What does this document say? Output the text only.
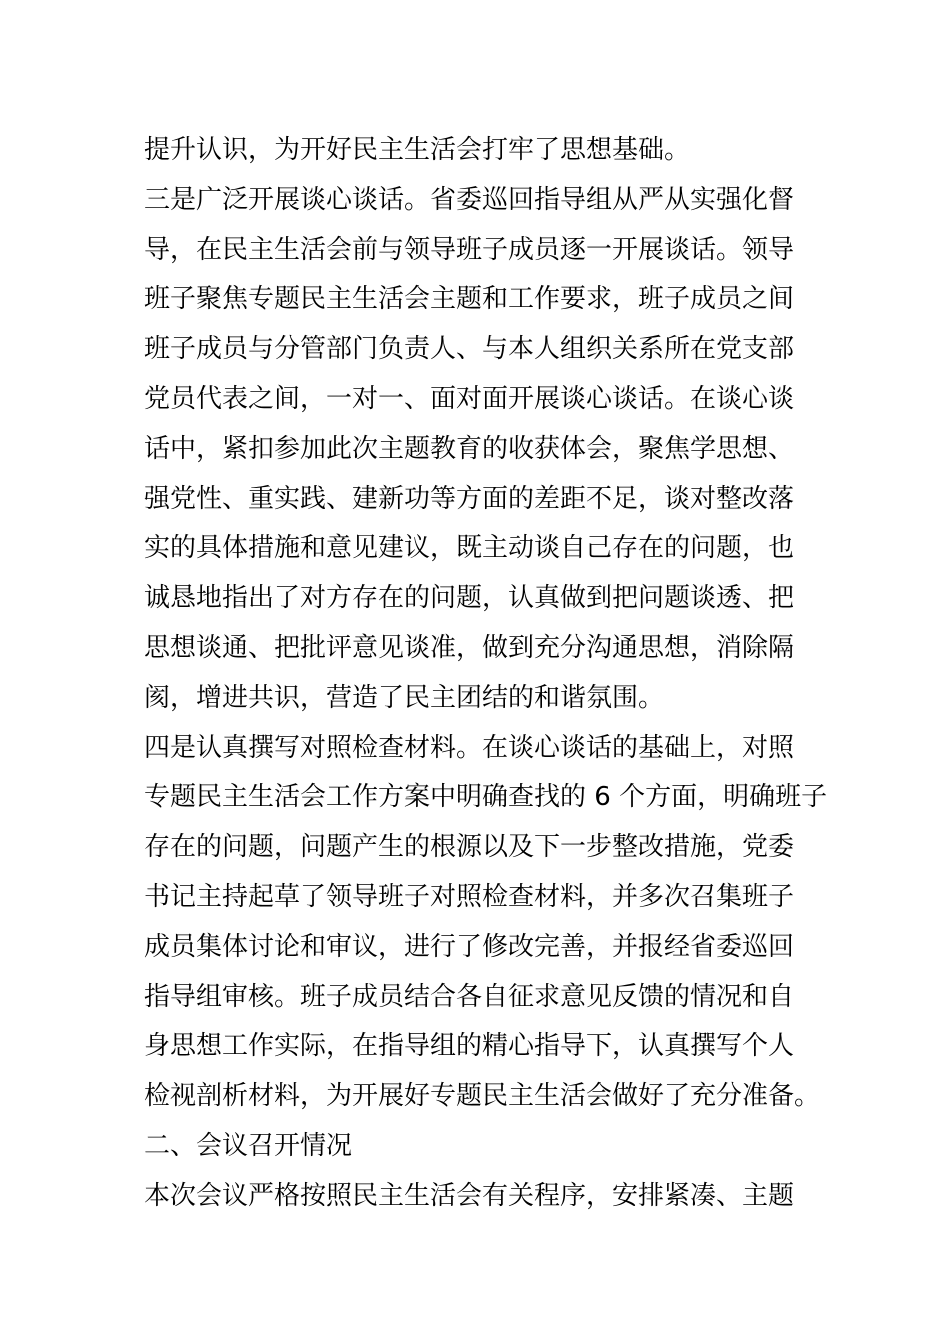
提升认识，为开好民主生活会打牢了思想基础。
三是广泛开展谈心谈话。省委巡回指导组从严从实强化督
导，在民主生活会前与领导班子成员逐一开展谈话。领导
班子聚焦专题民主生活会主题和工作要求，班子成员之间
班子成员与分管部门负责人、与本人组织关系所在党支部
党员代表之间，一对一、面对面开展谈心谈话。在谈心谈
话中，紧扣参加此次主题教育的收获体会，聚焦学思想、
强党性、重实践、建新功等方面的差距不足，谈对整改落
实的具体措施和意见建议，既主动谈自己存在的问题，也
诚恳地指出了对方存在的问题，认真做到把问题谈透、把
思想谈通、把批评意见谈准，做到充分沟通思想，消除隔
阂，增进共识，营造了民主团结的和谐氛围。
四是认真撰写对照检查材料。在谈心谈话的基础上，对照
专题民主生活会工作方案中明确查找的 6 个方面，明确班子
存在的问题，问题产生的根源以及下一步整改措施，党委
书记主持起草了领导班子对照检查材料，并多次召集班子
成员集体讨论和审议，进行了修改完善，并报经省委巡回
指导组审核。班子成员结合各自征求意见反馈的情况和自
身思想工作实际，在指导组的精心指导下，认真撰写个人
检视剖析材料，为开展好专题民主生活会做好了充分准备。
二、会议召开情况
本次会议严格按照民主生活会有关程序，安排紧凑、主题
